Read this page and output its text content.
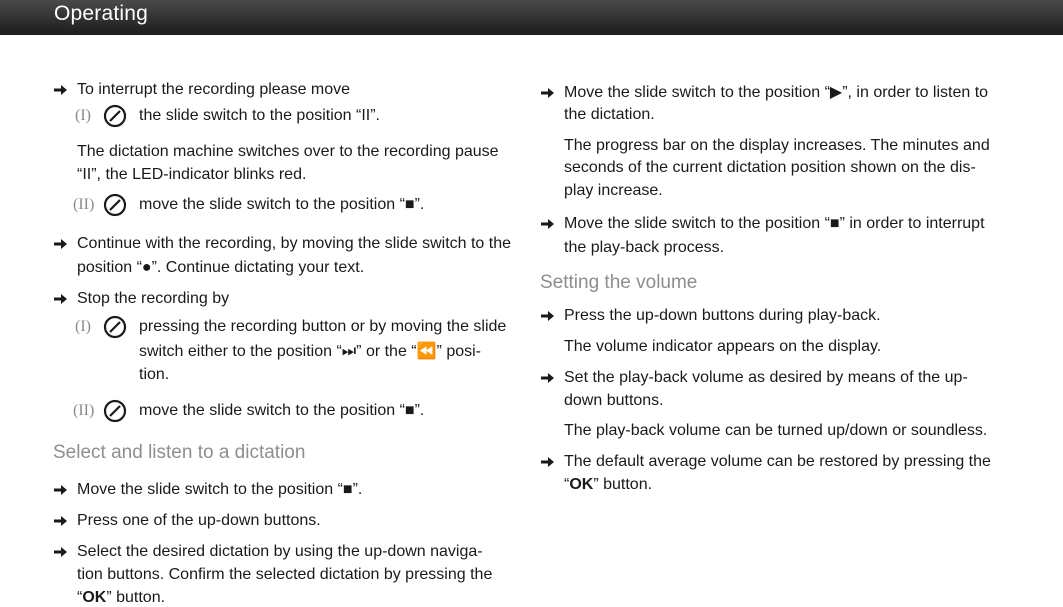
Operating
To interrupt the recording please move
(I)	the slide switch to the position “II”.
The dictation machine switches over to the recording pause
“II”, the LED-indicator blinks red.
(II)	move the slide switch to the position “■”.
Continue with the recording, by moving the slide switch to the
position “●”. Continue dictating your text.
Stop the recording by
(I)	pressing the recording button or by moving the slide
switch either to the position “⏭” or the “⏪” posi-
tion.
(II)	move the slide switch to the position “■”.
Select and listen to a dictation
Move the slide switch to the position “■”.
Press one of the up-down buttons.
Select the desired dictation by using the up-down naviga-
tion buttons. Confirm the selected dictation by pressing the
“OK” button.
Move the slide switch to the position “▶”, in order to listen to
the dictation.
The progress bar on the display increases. The minutes and
seconds of the current dictation position shown on the dis-
play increase.
Move the slide switch to the position “■” in order to interrupt
the play-back process.
Setting the volume
Press the up-down buttons during play-back.
The volume indicator appears on the display.
Set the play-back volume as desired by means of the up-
down buttons.
The play-back volume can be turned up/down or soundless.
The default average volume can be restored by pressing the
“OK” button.
